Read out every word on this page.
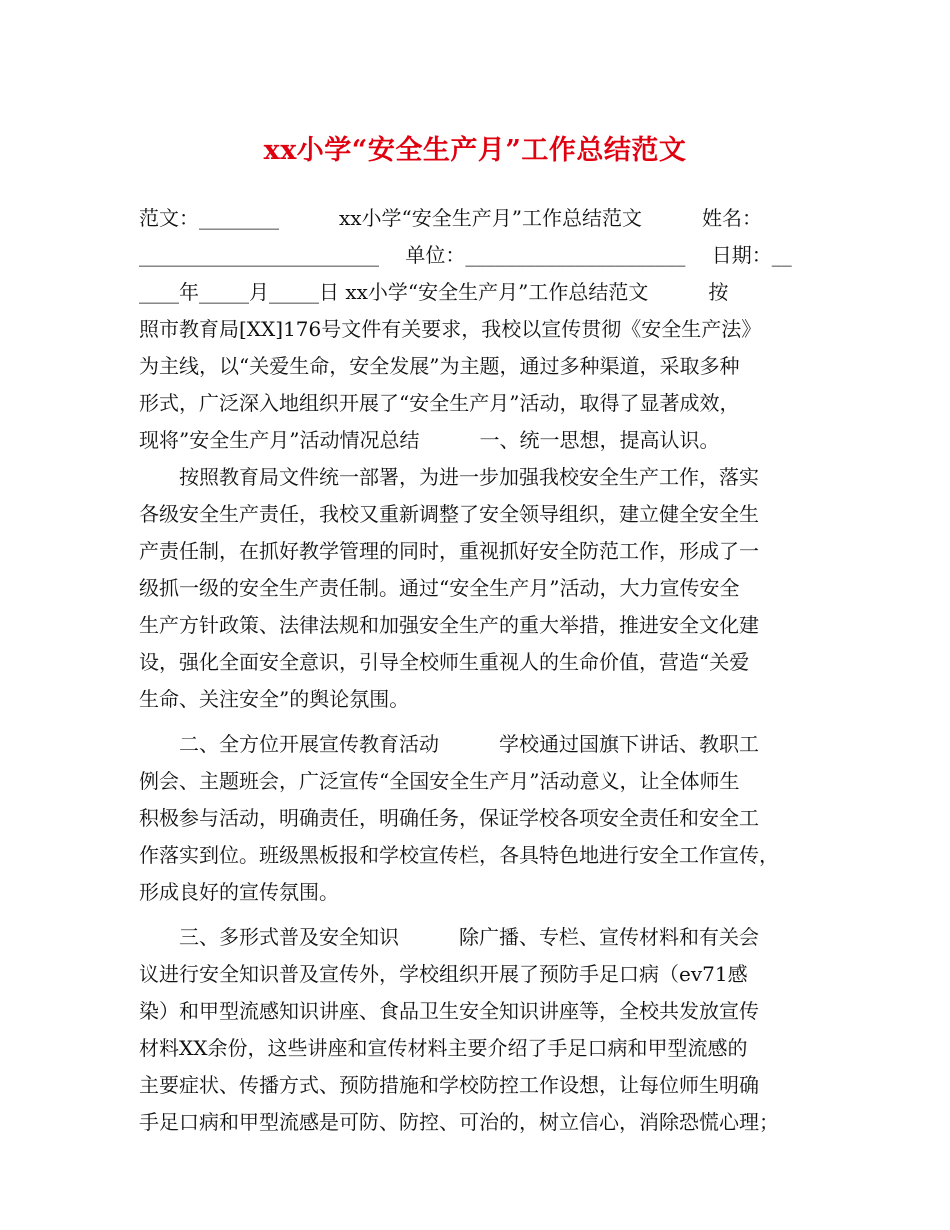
xx小学“安全生产月”工作总结范文
范文：________　　　xx小学“安全生产月”工作总结范文　　　姓名：
________________________　 单位：______________________　 日期：__
____年_____月_____日 xx小学“安全生产月”工作总结范文　　　按
照市教育局[XX]176号文件有关要求，我校以宣传贯彻《安全生产法》
为主线，以“关爱生命，安全发展”为主题，通过多种渠道，采取多种
形式，广泛深入地组织开展了“安全生产月”活动，取得了显著成效，
现将”安全生产月”活动情况总结　　　一、统一思想，提高认识。
　　按照教育局文件统一部署，为进一步加强我校安全生产工作，落实
各级安全生产责任，我校又重新调整了安全领导组织，建立健全安全生
产责任制，在抓好教学管理的同时，重视抓好安全防范工作，形成了一
级抓一级的安全生产责任制。通过“安全生产月”活动，大力宣传安全
生产方针政策、法律法规和加强安全生产的重大举措，推进安全文化建
设，强化全面安全意识，引导全校师生重视人的生命价值，营造“关爱
生命、关注安全”的舆论氛围。
　　二、全方位开展宣传教育活动　　　学校通过国旗下讲话、教职工
例会、主题班会，广泛宣传“全国安全生产月”活动意义，让全体师生
积极参与活动，明确责任，明确任务，保证学校各项安全责任和安全工
作落实到位。班级黑板报和学校宣传栏，各具特色地进行安全工作宣传，
形成良好的宣传氛围。
　　三、多形式普及安全知识　　　除广播、专栏、宣传材料和有关会
议进行安全知识普及宣传外，学校组织开展了预防手足口病（ev71感
染）和甲型流感知识讲座、食品卫生安全知识讲座等，全校共发放宣传
材料XX余份，这些讲座和宣传材料主要介绍了手足口病和甲型流感的
主要症状、传播方式、预防措施和学校防控工作设想，让每位师生明确
手足口病和甲型流感是可防、防控、可治的，树立信心，消除恐慌心理；
